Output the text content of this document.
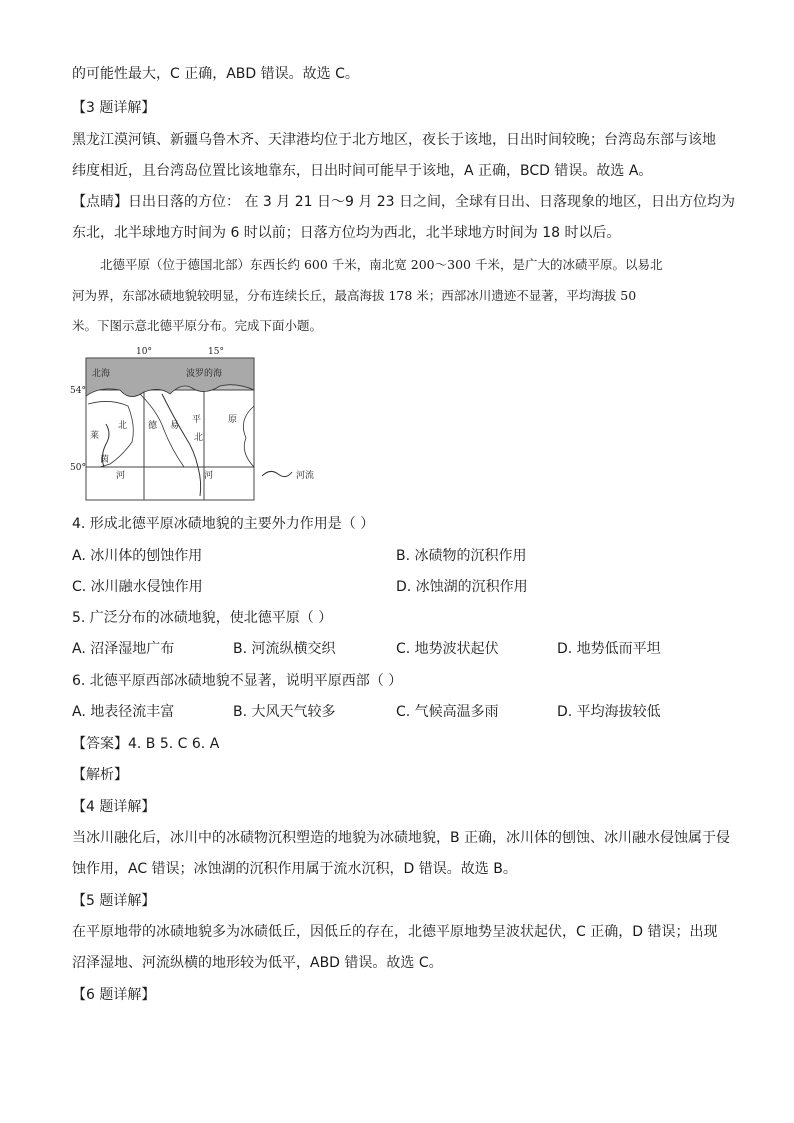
的可能性最大，C 正确，ABD 错误。故选 C。
【3 题详解】
黑龙江漠河镇、新疆乌鲁木齐、天津港均位于北方地区，夜长于该地，日出时间较晚；台湾岛东部与该地
纬度相近，且台湾岛位置比该地靠东，日出时间可能早于该地，A 正确，BCD 错误。故选 A。
【点睛】日出日落的方位： 在 3 月 21 日～9 月 23 日之间，全球有日出、日落现象的地区，日出方位均为
东北，北半球地方时间为 6 时以前；日落方位均为西北，北半球地方时间为 18 时以后。
北德平原（位于德国北部）东西长约 600 千米，南北宽 200～300 千米，是广大的冰碛平原。以易北
河为界，东部冰碛地貌较明显，分布连续长丘，最高海拔 178 米；西部冰川遗迹不显著，平均海拔 50
米。下图示意北德平原分布。完成下面小题。
10°	15°
54°
50°
北海	波罗的海
北 德
平	原
北
莱
茵
河
易
河	河流
4. 形成北德平原冰碛地貌的主要外力作用是（ ）
A. 冰川体的刨蚀作用	B. 冰碛物的沉积作用
C. 冰川融水侵蚀作用	D. 冰蚀湖的沉积作用
5. 广泛分布的冰碛地貌，使北德平原（ ）
A. 沼泽湿地广布	B. 河流纵横交织	C. 地势波状起伏	D. 地势低而平坦
6. 北德平原西部冰碛地貌不显著，说明平原西部（ ）
A. 地表径流丰富	B. 大风天气较多	C. 气候高温多雨	D. 平均海拔较低
【答案】4. B 5. C 6. A
【解析】
【4 题详解】
当冰川融化后，冰川中的冰碛物沉积塑造的地貌为冰碛地貌，B 正确，冰川体的刨蚀、冰川融水侵蚀属于侵
蚀作用，AC 错误；冰蚀湖的沉积作用属于流水沉积，D 错误。故选 B。
【5 题详解】
在平原地带的冰碛地貌多为冰碛低丘，因低丘的存在，北德平原地势呈波状起伏，C 正确，D 错误；出现
沼泽湿地、河流纵横的地形较为低平，ABD 错误。故选 C。
【6 题详解】
